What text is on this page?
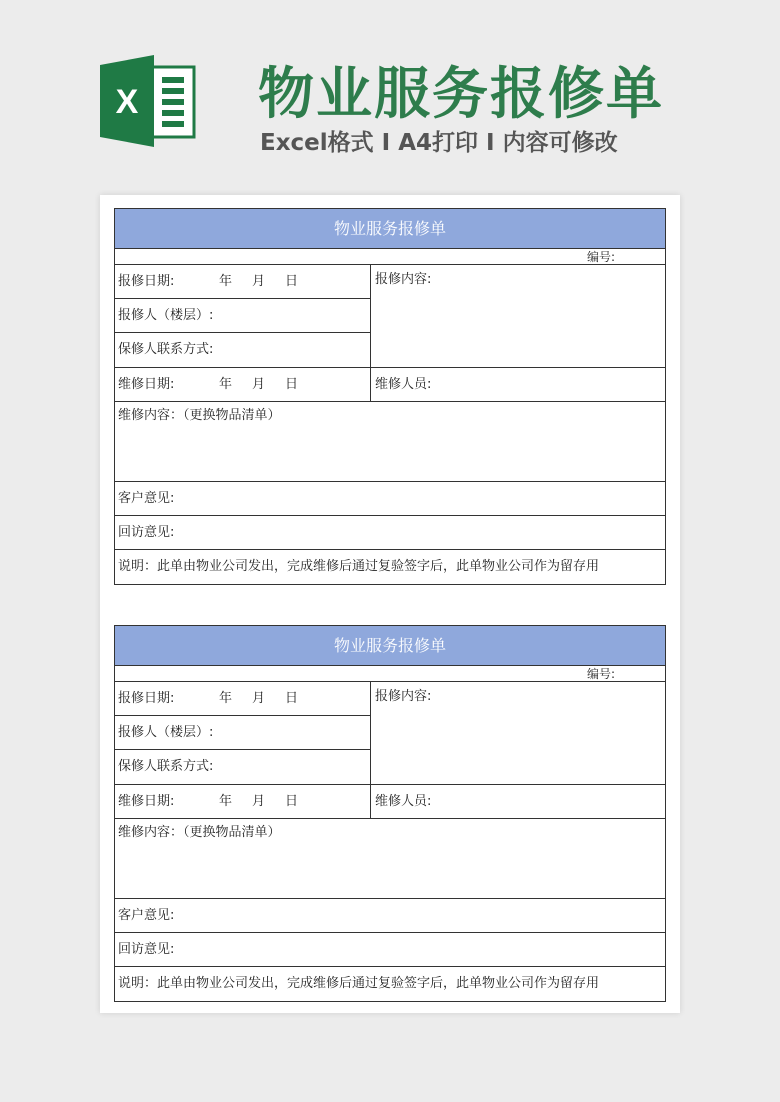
X 物业服务报修单
Excel格式 I A4打印 I 内容可修改
物业服务报修单
编号:
报修日期:	年 月 日
报修人（楼层）:
保修人联系方式:
报修内容:
维修日期:	年 月 日	维修人员:
维修内容：（更换物品清单）
客户意见:
回访意见:
说明：此单由物业公司发出，完成维修后通过复验签字后，此单物业公司作为留存用
物业服务报修单
编号:
报修日期:	年 月 日
报修人（楼层）:
保修人联系方式:
报修内容:
维修日期:	年 月 日	维修人员:
维修内容：（更换物品清单）
客户意见:
回访意见:
说明：此单由物业公司发出，完成维修后通过复验签字后，此单物业公司作为留存用
